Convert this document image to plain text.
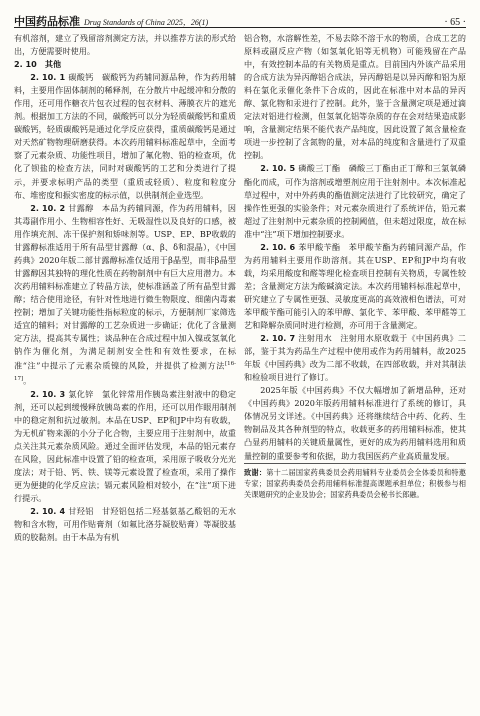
中国药品标准 Drug Standards of China 2025，26(1)	· 65 ·

有机溶剂，建立了残留溶剂测定方法，并以推荐方法的形式给出，方便需要时使用。

2. 10　其他

2. 10. 1 碳酸钙　碳酸钙为药辅同源品种，作为药用辅料，主要用作固体制剂的稀释剂，在分散片中起缓冲和分散的作用，还可用作糖衣片包衣过程的包衣材料、薄膜衣片的遮光剂。根据加工方法的不同，碳酸钙可以分为轻质碳酸钙和重质碳酸钙，轻质碳酸钙是通过化学反应获得，重质碳酸钙是通过对天然矿物物理研磨获得。本次药用辅料标准起草中，全面考察了元素杂质、功能性项目，增加了氟化物、铅的检查项，优化了钡盐的检查方法，同时对碳酸钙的工艺和分类进行了提示，并要求标明产品的类型（重质或轻质）、粒度和粒度分布、堆密度和振实密度的标示值，以供制剂企业选型。

2. 10. 2 甘露醇　本品为药辅同源，作为药用辅料，因其毒副作用小、生物相容性好、无吸湿性以及良好的口感，被用作填充剂、冻干保护剂和矫味剂等。USP、EP、BP收载的甘露醇标准适用于所有品型甘露醇（α、β、δ和混晶），《中国药典》2020年版二部甘露醇标准仅适用于β晶型，而非β晶型甘露醇因其独特的理化性质在药物制剂中有巨大应用潜力。本次药用辅料标准建立了转晶方法，使标准涵盖了所有晶型甘露醇；结合使用途径，有针对性地进行微生物限度、细菌内毒素控制；增加了关键功能性指标粒度的标示，方便制剂厂家筛选适宜的辅料；对甘露醇的工艺杂质进一步确证；优化了含量测定方法，提高其专属性；谈品种在合成过程中加入镍或氢氧化钠作为催化剂，为满足制剂安全性和有效性要求，在标准“注”中提示了元素杂质镍的风险，并提供了检测方法[16-17]。

2. 10. 3 氯化锌　氯化锌常用作胰岛素注射液中的稳定剂，还可以起到缓慢释放胰岛素的作用，还可以用作眼用制剂中的稳定剂和抗过敏剂。本品在USP、EP和JP中均有收载，为无机矿物来源的小分子化合物，主要应用于注射剂中，故重点关注其元素杂质风险。通过全面评估发现，本品的铝元素存在风险，因此标准中设置了铅的检查项，采用原子吸收分光光度法；对于铅、钙、铁、镁等元素设置了检查项，采用了操作更为便捷的化学反应法；镉元素风险相对较小，在“注”项下进行提示。

2. 10. 4 甘羟铝　甘羟铝包括二羟基氨基乙酸铝的无水物和含水物，可用作贴膏剂（如氟比洛芬凝胶贴膏）等凝胶基质的胶黏剂。由于本品为有机

铝合物，水溶解性差，不易去除不溶于水的物质，合成工艺的原料或副反应产物（如氢氧化铝等无机物）可能残留在产品中，有效控制本品的有关物质是重点。目前国内外该产品采用的合成方法为异丙醇铝合成法，异丙醇铝是以异丙醇和铝为原料在氯化汞催化条件下合成的，因此在标准中对本品的异丙醇、氯化物和汞进行了控制。此外，鉴于含量测定项是通过滴定法对铝进行检测，但氢氧化铝等杂质的存在会对结果造成影响，含量测定结果不能代表产品纯度，因此设置了氮含量检查项进一步控制了含氮物的量，对本品的纯度和含量进行了双重控制。

2. 10. 5 磷酸三丁酯　磷酸三丁酯由正丁醇和三氯氧磷酯化而成，可作为溶剂或增塑剂应用于注射剂中。本次标准起草过程中，对中外药典的酯值测定法进行了比较研究，确定了操作性更强的实验条件；对元素杂质进行了系统评估，铅元素超过了注射剂中元素杂质的控制阈值，但未超过限度，故在标准中“注”项下增加控制要求。

2. 10. 6 苯甲酸苄酯　苯甲酸苄酯为药辅同源产品，作为药用辅料主要用作助溶剂。其在USP、EP和JP中均有收载，均采用酸度和醛等理化检查项目控制有关物质，专属性较差；含量测定方法为酸碱滴定法。本次药用辅料标准起草中，研究建立了专属性更强、灵敏度更高的高效液相色谱法，可对苯甲酸苄酯可能引入的苯甲醇、氯化苄、苯甲酸、苯甲醛等工艺和降解杂质同时进行检测，亦可用于含量测定。

2. 10. 7 注射用水　注射用水原收载于《中国药典》二部，鉴于其为药品生产过程中使用或作为药用辅料，故2025年版《中国药典》改为二部不收载，在四部收载，并对其制法和检验项目进行了修订。

2025年版《中国药典》不仅大幅增加了新增品种，还对《中国药典》2020年版药用辅料标准进行了系统的修订，具体情况另文详述。《中国药典》还将继续结合中药、化药、生物制品及其各种剂型的特点，收载更多的药用辅料标准，使其凸显药用辅料的关键质量属性，更好的成为药用辅料选用和质量控制的重要参考和依据，助力我国医药产业高质量发展。

致谢：第十二届国家药典委员会药用辅料专业委员会全体委员和特邀专家；国家药典委员会药用辅料标准提高课题承担单位；积极参与相关课题研究的企业及协会；国家药典委员会秘书长郎融。
